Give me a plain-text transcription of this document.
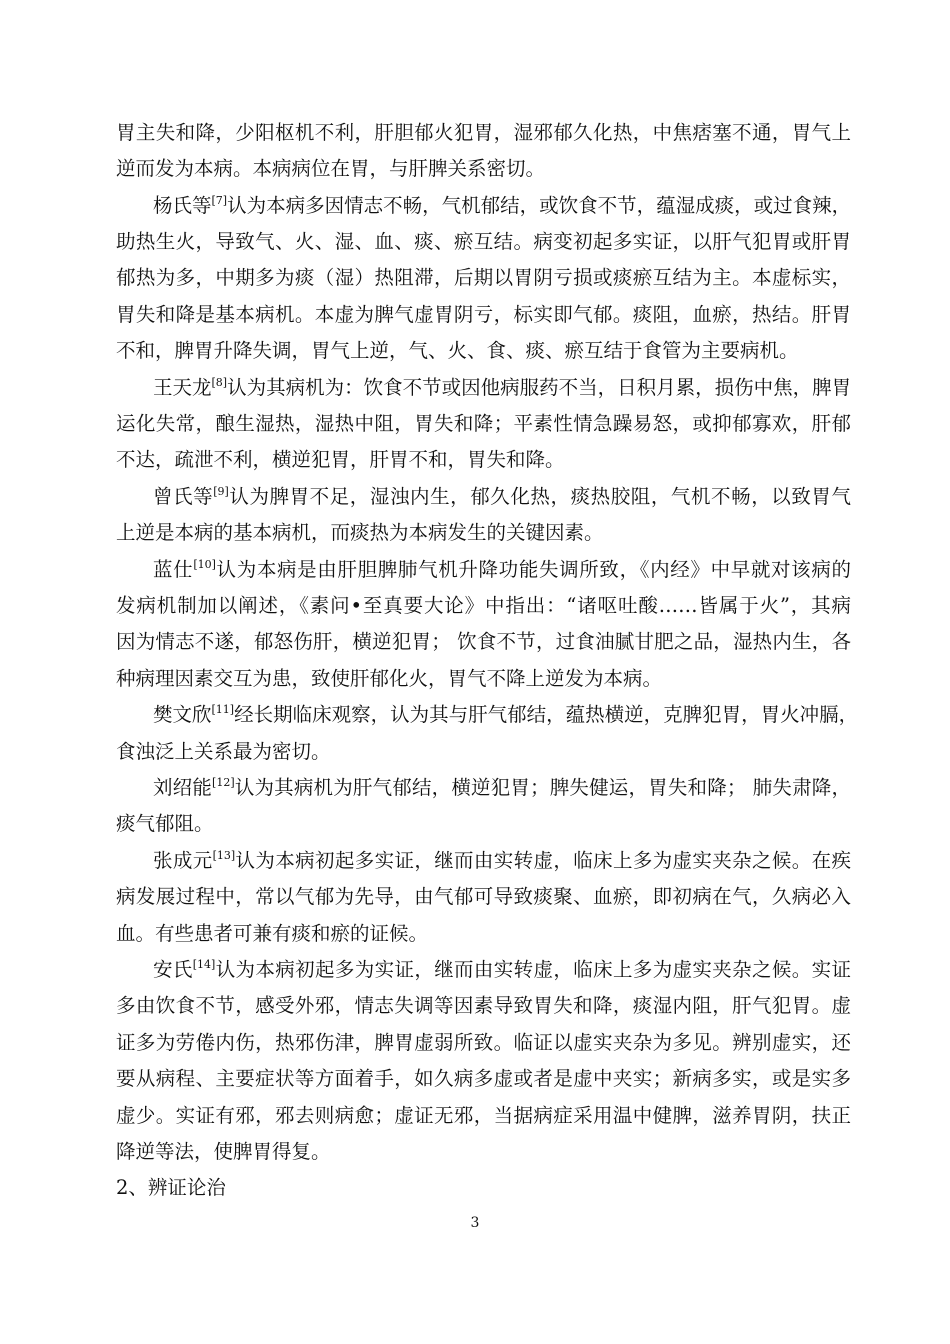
胃主失和降，少阳枢机不利，肝胆郁火犯胃，湿邪郁久化热，中焦痞塞不通，胃气上
逆而发为本病。本病病位在胃，与肝脾关系密切。
杨氏等[7]认为本病多因情志不畅，气机郁结，或饮食不节，蕴湿成痰，或过食辣，
助热生火，导致气、火、湿、血、痰、瘀互结。病变初起多实证，以肝气犯胃或肝胃
郁热为多，中期多为痰（湿）热阻滞，后期以胃阴亏损或痰瘀互结为主。本虚标实，
胃失和降是基本病机。本虚为脾气虚胃阴亏，标实即气郁。痰阻，血瘀，热结。肝胃
不和，脾胃升降失调，胃气上逆，气、火、食、痰、瘀互结于食管为主要病机。
王天龙[8]认为其病机为：饮食不节或因他病服药不当，日积月累，损伤中焦，脾胃
运化失常，酿生湿热，湿热中阻，胃失和降；平素性情急躁易怒，或抑郁寡欢，肝郁
不达，疏泄不利，横逆犯胃，肝胃不和，胃失和降。
曾氏等[9]认为脾胃不足，湿浊内生，郁久化热，痰热胶阻，气机不畅，以致胃气
上逆是本病的基本病机，而痰热为本病发生的关键因素。
蓝仕[10]认为本病是由肝胆脾肺气机升降功能失调所致，《内经》中早就对该病的
发病机制加以阐述，《素问•至真要大论》中指出：“诸呕吐酸……皆属于火”，其病
因为情志不遂，郁怒伤肝，横逆犯胃； 饮食不节，过食油腻甘肥之品，湿热内生，各
种病理因素交互为患，致使肝郁化火，胃气不降上逆发为本病。
樊文欣[11]经长期临床观察，认为其与肝气郁结，蕴热横逆，克脾犯胃，胃火冲膈，
食浊泛上关系最为密切。
刘绍能[12]认为其病机为肝气郁结，横逆犯胃；脾失健运，胃失和降； 肺失肃降，
痰气郁阻。
张成元[13]认为本病初起多实证，继而由实转虚，临床上多为虚实夹杂之候。在疾
病发展过程中，常以气郁为先导，由气郁可导致痰聚、血瘀，即初病在气，久病必入
血。有些患者可兼有痰和瘀的证候。
安氏[14]认为本病初起多为实证，继而由实转虚，临床上多为虚实夹杂之候。实证
多由饮食不节，感受外邪，情志失调等因素导致胃失和降，痰湿内阻，肝气犯胃。虚
证多为劳倦内伤，热邪伤津，脾胃虚弱所致。临证以虚实夹杂为多见。辨别虚实，还
要从病程、主要症状等方面着手，如久病多虚或者是虚中夹实；新病多实，或是实多
虚少。实证有邪，邪去则病愈；虚证无邪，当据病症采用温中健脾，滋养胃阴，扶正
降逆等法，使脾胃得复。
2、辨证论治
3
